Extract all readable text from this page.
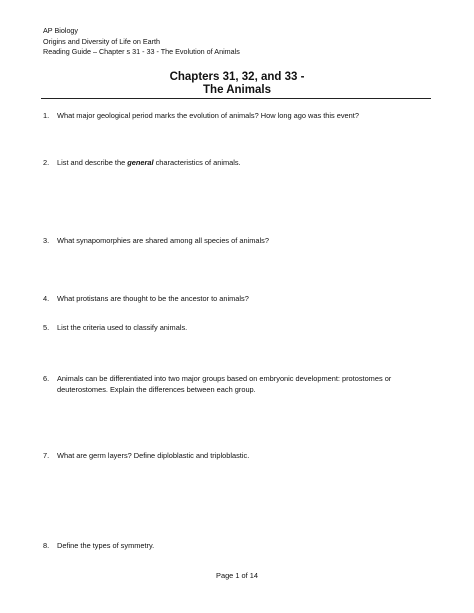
AP Biology
Origins and Diversity of Life on Earth
Reading Guide – Chapter s 31 - 33 - The Evolution of Animals
Chapters 31, 32, and 33 -
The Animals
1. What major geological period marks the evolution of animals? How long ago was this event?
2. List and describe the general characteristics of animals.
3. What synapomorphies are shared among all species of animals?
4. What protistans are thought to be the ancestor to animals?
5. List the criteria used to classify animals.
6. Animals can be differentiated into two major groups based on embryonic development: protostomes or deuterostomes. Explain the differences between each group.
7. What are germ layers? Define diploblastic and triploblastic.
8. Define the types of symmetry.
Page 1 of 14
